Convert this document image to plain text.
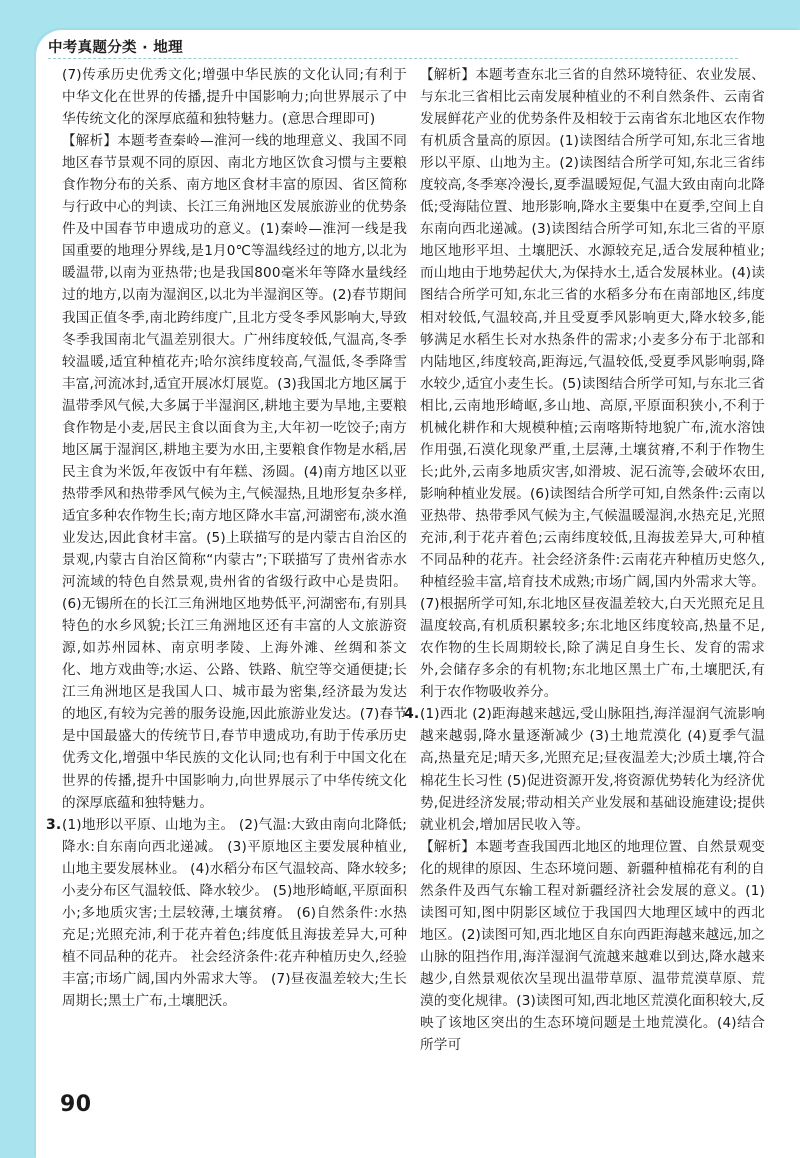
中考真题分类 · 地理

(7)传承历史优秀文化;增强中华民族的文化认同;有利于中华文化在世界的传播,提升中国影响力;向世界展示了中华传统文化的深厚底蕴和独特魅力。(意思合理即可)

【解析】本题考查秦岭—淮河一线的地理意义、我国不同地区春节景观不同的原因、南北方地区饮食习惯与主要粮食作物分布的关系、南方地区食材丰富的原因、省区简称与行政中心的判读、长江三角洲地区发展旅游业的优势条件及中国春节申遗成功的意义。(1)秦岭—淮河一线是我国重要的地理分界线,是1月0℃等温线经过的地方,以北为暖温带,以南为亚热带;也是我国800毫米年等降水量线经过的地方,以南为湿润区,以北为半湿润区等。(2)春节期间我国正值冬季,南北跨纬度广,且北方受冬季风影响大,导致冬季我国南北气温差别很大。广州纬度较低,气温高,冬季较温暖,适宜种植花卉;哈尔滨纬度较高,气温低,冬季降雪丰富,河流冰封,适宜开展冰灯展览。(3)我国北方地区属于温带季风气候,大多属于半湿润区,耕地主要为旱地,主要粮食作物是小麦,居民主食以面食为主,大年初一吃饺子;南方地区属于湿润区,耕地主要为水田,主要粮食作物是水稻,居民主食为米饭,年夜饭中有年糕、汤圆。(4)南方地区以亚热带季风和热带季风气候为主,气候湿热,且地形复杂多样,适宜多种农作物生长;南方地区降水丰富,河湖密布,淡水渔业发达,因此食材丰富。(5)上联描写的是内蒙古自治区的景观,内蒙古自治区简称“内蒙古”;下联描写了贵州省赤水河流域的特色自然景观,贵州省的省级行政中心是贵阳。(6)无锡所在的长江三角洲地区地势低平,河湖密布,有别具特色的水乡风貌;长江三角洲地区还有丰富的人文旅游资源,如苏州园林、南京明孝陵、上海外滩、丝绸和茶文化、地方戏曲等;水运、公路、铁路、航空等交通便捷;长江三角洲地区是我国人口、城市最为密集,经济最为发达的地区,有较为完善的服务设施,因此旅游业发达。(7)春节是中国最盛大的传统节日,春节申遗成功,有助于传承历史优秀文化,增强中华民族的文化认同;也有利于中国文化在世界的传播,提升中国影响力,向世界展示了中华传统文化的深厚底蕴和独特魅力。

3. (1)地形以平原、山地为主。 (2)气温:大致由南向北降低;降水:自东南向西北递减。 (3)平原地区主要发展种植业,山地主要发展林业。 (4)水稻分布区气温较高、降水较多;小麦分布区气温较低、降水较少。 (5)地形崎岖,平原面积小;多地质灾害;土层较薄,土壤贫瘠。 (6)自然条件:水热充足;光照充沛,利于花卉着色;纬度低且海拔差异大,可种植不同品种的花卉。 社会经济条件:花卉种植历史久,经验丰富;市场广阔,国内外需求大等。 (7)昼夜温差较大;生长周期长;黑土广布,土壤肥沃。

【解析】本题考查东北三省的自然环境特征、农业发展、与东北三省相比云南发展种植业的不利自然条件、云南省发展鲜花产业的优势条件及相较于云南省东北地区农作物有机质含量高的原因。(1)读图结合所学可知,东北三省地形以平原、山地为主。(2)读图结合所学可知,东北三省纬度较高,冬季寒冷漫长,夏季温暖短促,气温大致由南向北降低;受海陆位置、地形影响,降水主要集中在夏季,空间上自东南向西北递减。(3)读图结合所学可知,东北三省的平原地区地形平坦、土壤肥沃、水源较充足,适合发展种植业;而山地由于地势起伏大,为保持水土,适合发展林业。(4)读图结合所学可知,东北三省的水稻多分布在南部地区,纬度相对较低,气温较高,并且受夏季风影响更大,降水较多,能够满足水稻生长对水热条件的需求;小麦多分布于北部和内陆地区,纬度较高,距海远,气温较低,受夏季风影响弱,降水较少,适宜小麦生长。(5)读图结合所学可知,与东北三省相比,云南地形崎岖,多山地、高原,平原面积狭小,不利于机械化耕作和大规模种植;云南喀斯特地貌广布,流水溶蚀作用强,石漠化现象严重,土层薄,土壤贫瘠,不利于作物生长;此外,云南多地质灾害,如滑坡、泥石流等,会破坏农田,影响种植业发展。(6)读图结合所学可知,自然条件:云南以亚热带、热带季风气候为主,气候温暖湿润,水热充足,光照充沛,利于花卉着色;云南纬度较低,且海拔差异大,可种植不同品种的花卉。社会经济条件:云南花卉种植历史悠久,种植经验丰富,培育技术成熟;市场广阔,国内外需求大等。(7)根据所学可知,东北地区昼夜温差较大,白天光照充足且温度较高,有机质积累较多;东北地区纬度较高,热量不足,农作物的生长周期较长,除了满足自身生长、发育的需求外,会储存多余的有机物;东北地区黑土广布,土壤肥沃,有利于农作物吸收养分。

4. (1)西北 (2)距海越来越远,受山脉阻挡,海洋湿润气流影响越来越弱,降水量逐渐减少 (3)土地荒漠化 (4)夏季气温高,热量充足;晴天多,光照充足;昼夜温差大;沙质土壤,符合棉花生长习性 (5)促进资源开发,将资源优势转化为经济优势,促进经济发展;带动相关产业发展和基础设施建设;提供就业机会,增加居民收入等。

【解析】本题考查我国西北地区的地理位置、自然景观变化的规律的原因、生态环境问题、新疆种植棉花有利的自然条件及西气东输工程对新疆经济社会发展的意义。(1)读图可知,图中阴影区域位于我国四大地理区域中的西北地区。(2)读图可知,西北地区自东向西距海越来越远,加之山脉的阻挡作用,海洋湿润气流越来越难以到达,降水越来越少,自然景观依次呈现出温带草原、温带荒漠草原、荒漠的变化规律。(3)读图可知,西北地区荒漠化面积较大,反映了该地区突出的生态环境问题是土地荒漠化。(4)结合所学可

90
